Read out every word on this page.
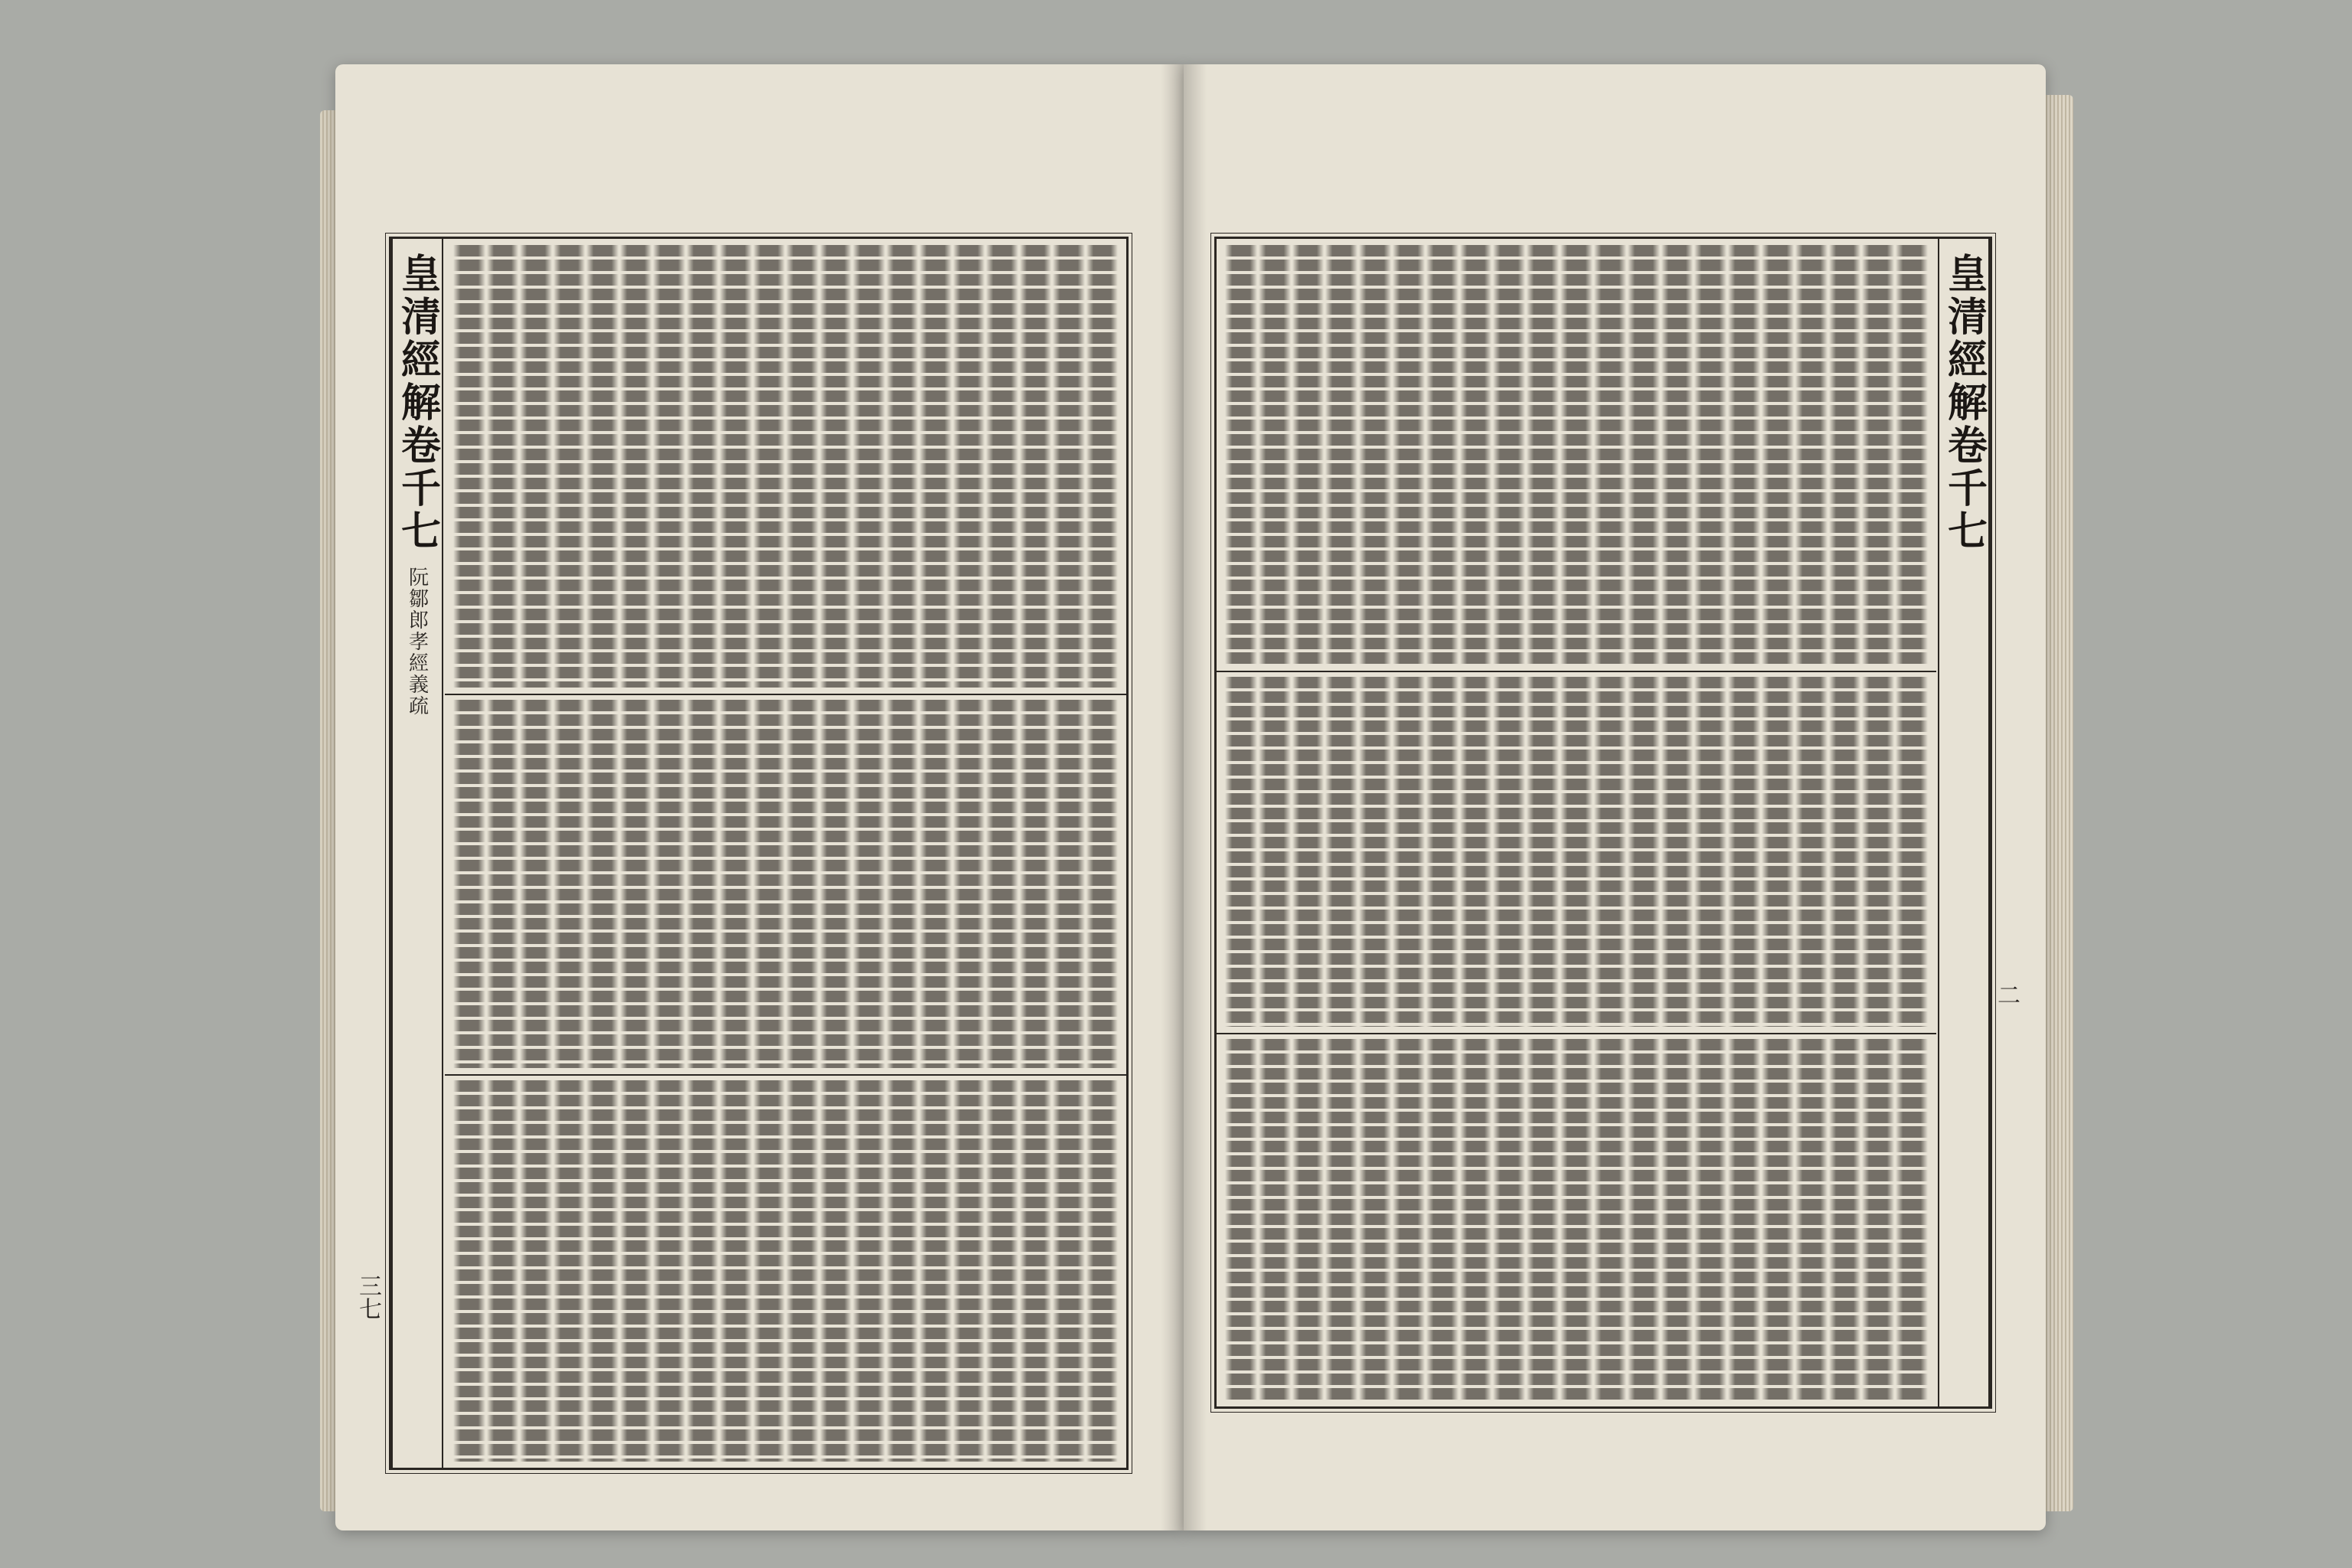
皇清經解卷千七
阮鄒郎孝經義疏
三七
皇清經解卷千七
二
